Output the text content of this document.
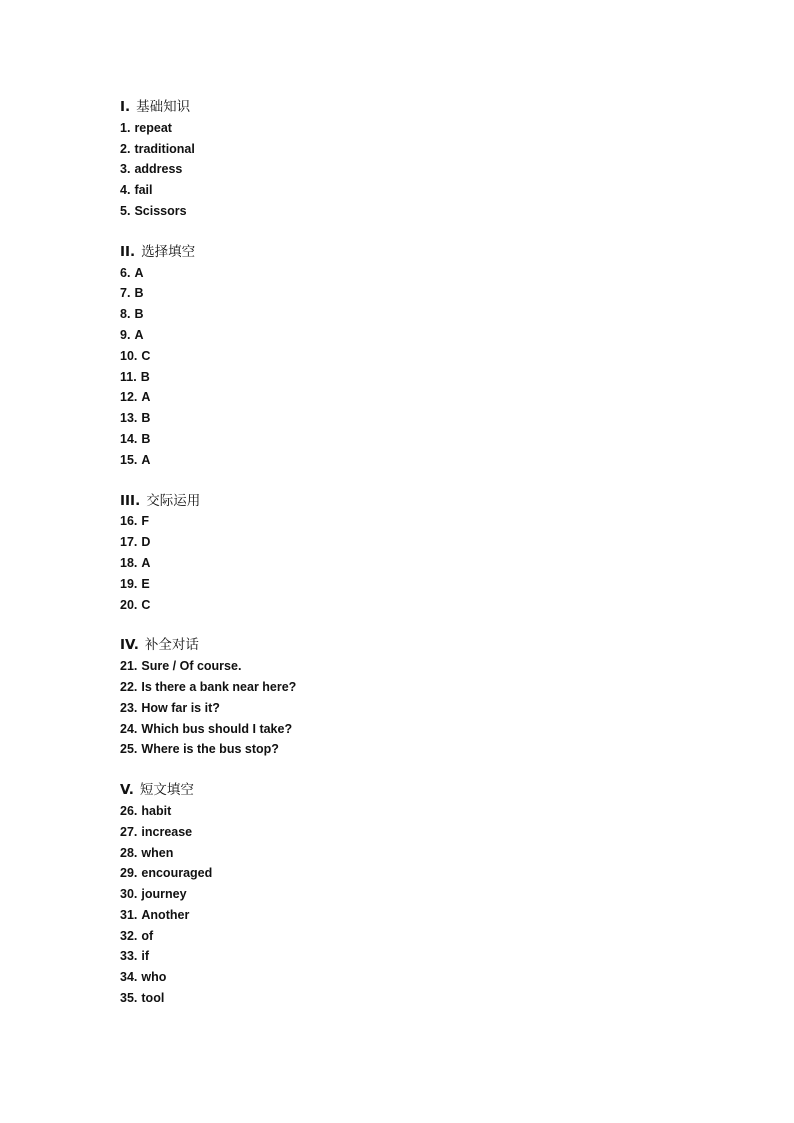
I. 基础知识
1. repeat
2. traditional
3. address
4. fail
5. Scissors
II. 选择填空
6. A
7. B
8. B
9. A
10. C
11. B
12. A
13. B
14. B
15. A
III. 交际运用
16. F
17. D
18. A
19. E
20. C
IV. 补全对话
21. Sure / Of course.
22. Is there a bank near here?
23. How far is it?
24. Which bus should I take?
25. Where is the bus stop?
V. 短文填空
26. habit
27. increase
28. when
29. encouraged
30. journey
31. Another
32. of
33. if
34. who
35. tool
